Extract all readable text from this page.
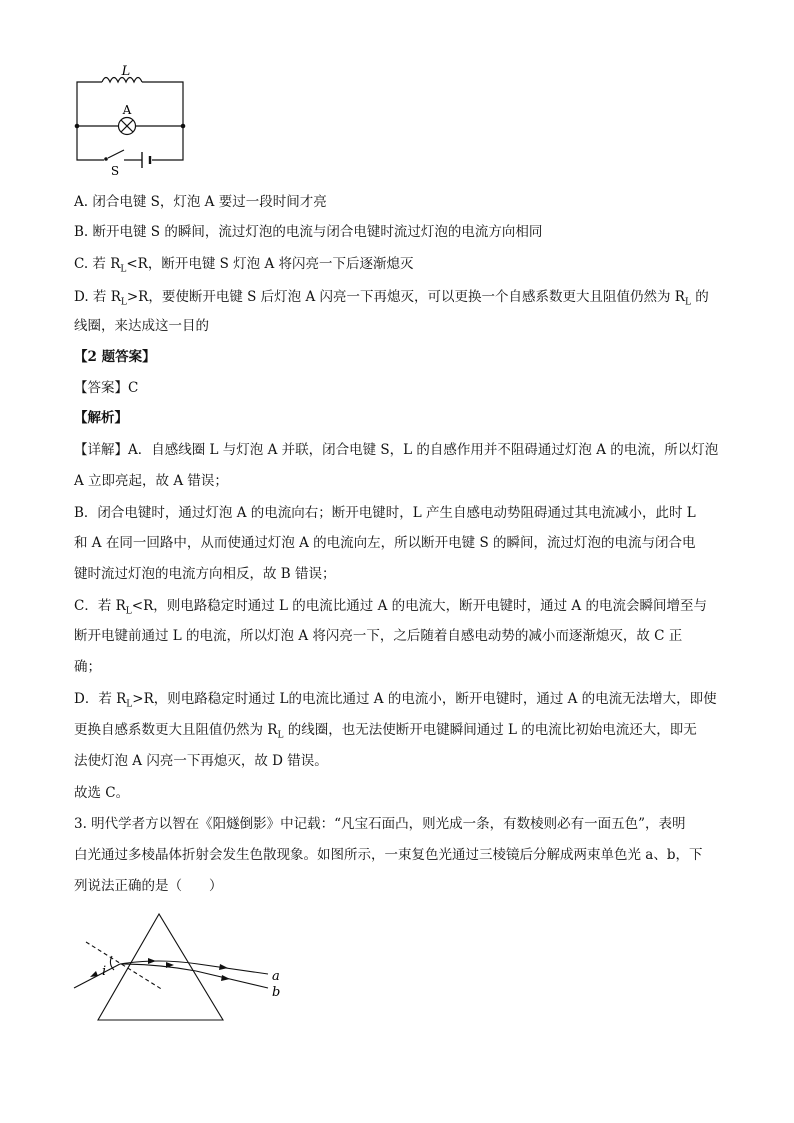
L
A
S
A. 闭合电键 S，灯泡 A 要过一段时间才亮
B. 断开电键 S 的瞬间，流过灯泡的电流与闭合电键时流过灯泡的电流方向相同
C. 若 $R_L<R$，断开电键 S 灯泡 A 将闪亮一下后逐渐熄灭
D. 若 $R_L>R$，要使断开电键 S 后灯泡 A 闪亮一下再熄灭，可以更换一个自感系数更大且阻值仍然为 $R_L$ 的
线圈，来达成这一目的
【2 题答案】
【答案】C
【解析】
【详解】A．自感线圈 L 与灯泡 A 并联，闭合电键 S，L 的自感作用并不阻碍通过灯泡 A 的电流，所以灯泡
A 立即亮起，故 A 错误；
B．闭合电键时，通过灯泡 A 的电流向右；断开电键时，L 产生自感电动势阻碍通过其电流减小，此时 L
和 A 在同一回路中，从而使通过灯泡 A 的电流向左，所以断开电键 S 的瞬间，流过灯泡的电流与闭合电
键时流过灯泡的电流方向相反，故 B 错误；
C．若 $R_L<R$，则电路稳定时通过 L 的电流比通过 A 的电流大，断开电键时，通过 A 的电流会瞬间增至与
断开电键前通过 L 的电流，所以灯泡 A 将闪亮一下，之后随着自感电动势的减小而逐渐熄灭，故 C 正
确；
D．若 $R_L>R$，则电路稳定时通过 L的电流比通过 A 的电流小，断开电键时，通过 A 的电流无法增大，即使
更换自感系数更大且阻值仍然为 $R_L$ 的线圈，也无法使断开电键瞬间通过 L 的电流比初始电流还大，即无
法使灯泡 A 闪亮一下再熄灭，故 D 错误。
故选 C。
3. 明代学者方以智在《阳燧倒影》中记载：“凡宝石面凸，则光成一条，有数棱则必有一面五色”，表明
白光通过多棱晶体折射会发生色散现象。如图所示，一束复色光通过三棱镜后分解成两束单色光 a、b，下
列说法正确的是（　　）
i	a
b
